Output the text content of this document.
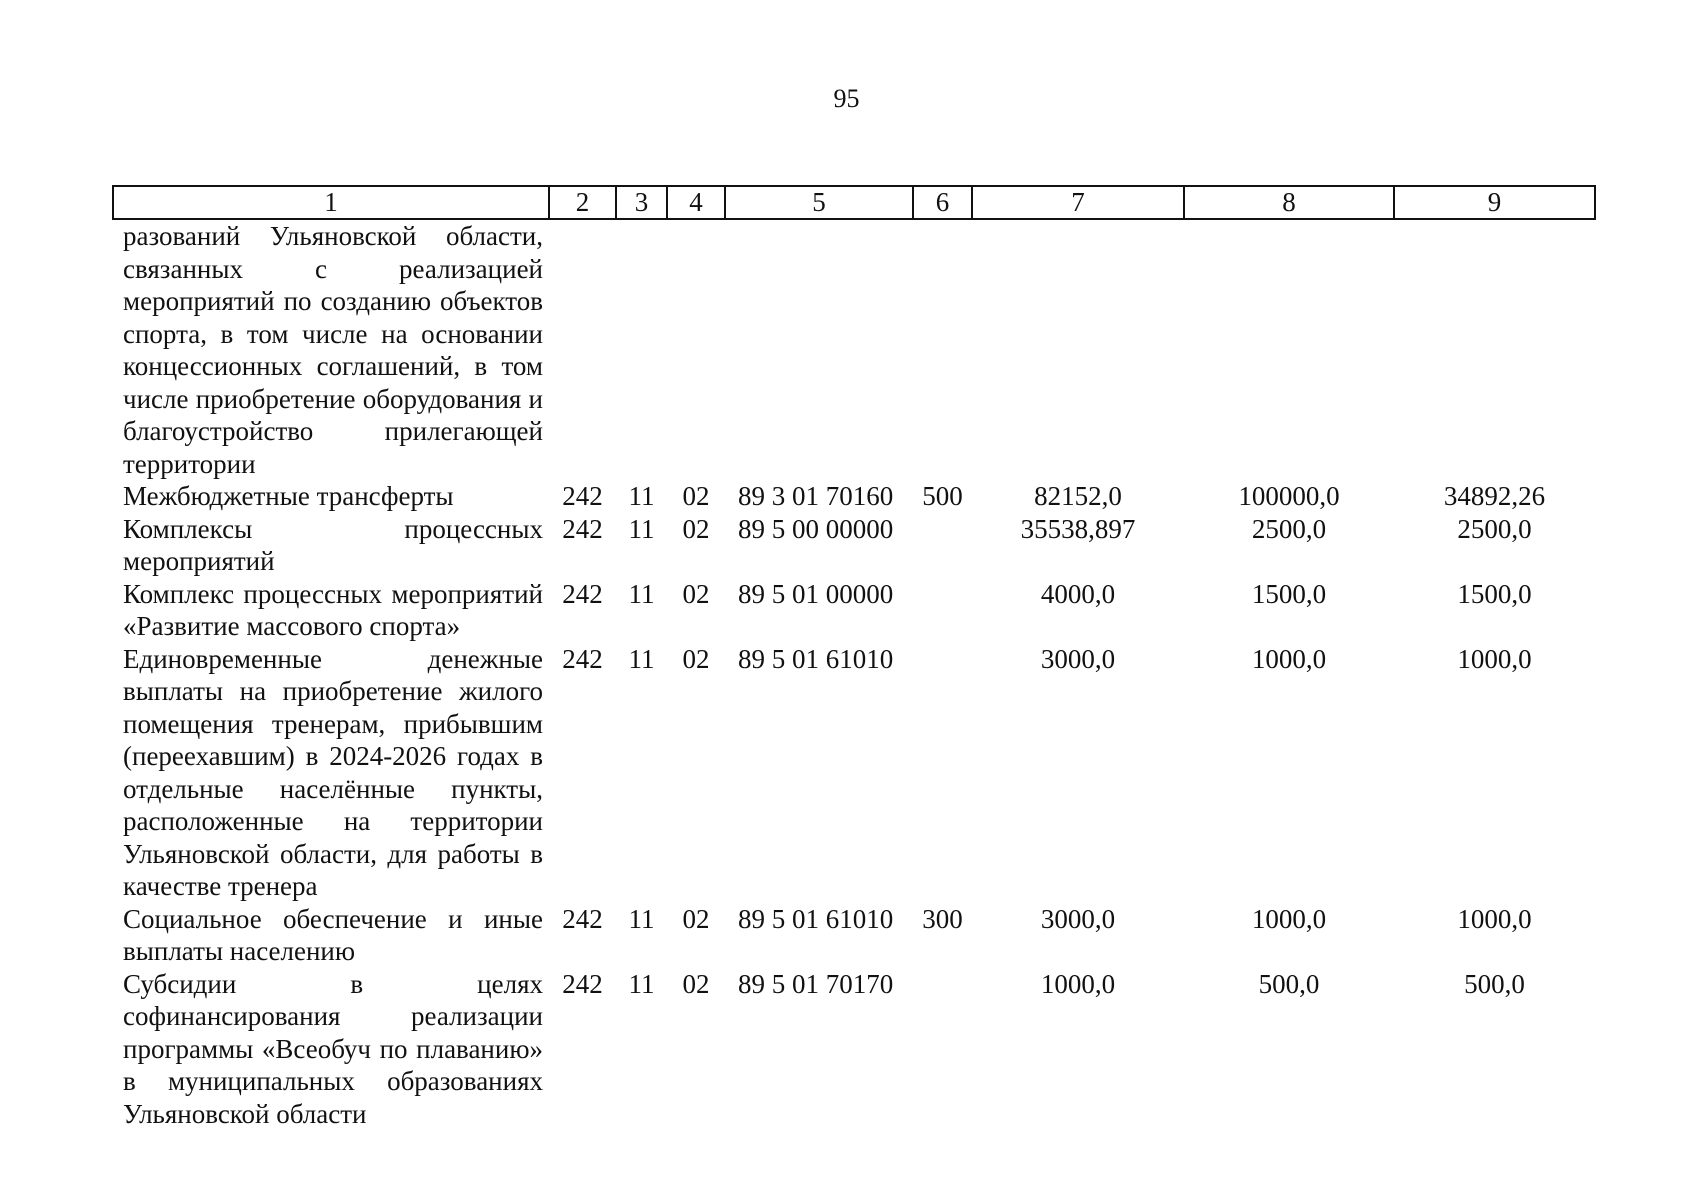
95
1	2	3	4	5	6	7	8	9
разований Ульяновской области, связанных с реализацией мероприятий по созданию объектов спорта, в том числе на основании концессионных соглашений, в том числе приобретение оборудования и благоустройство прилегающей территории								
Межбюджетные трансферты	242	11	02	89 3 01 70160	500	82152,0	100000,0	34892,26
Комплексы процессных мероприятий	242	11	02	89 5 00 00000		35538,897	2500,0	2500,0
Комплекс процессных мероприятий «Развитие массового спорта»	242	11	02	89 5 01 00000		4000,0	1500,0	1500,0
Единовременные денежные выплаты на приобретение жилого помещения тренерам, прибывшим (переехавшим) в 2024-2026 годах в отдельные населённые пункты, расположенные на территории Ульяновской области, для работы в качестве тренера	242	11	02	89 5 01 61010		3000,0	1000,0	1000,0
Социальное обеспечение и иные выплаты населению	242	11	02	89 5 01 61010	300	3000,0	1000,0	1000,0
Субсидии в целях софинансирования реализации программы «Всеобуч по плаванию» в муниципальных образованиях Ульяновской области	242	11	02	89 5 01 70170		1000,0	500,0	500,0
